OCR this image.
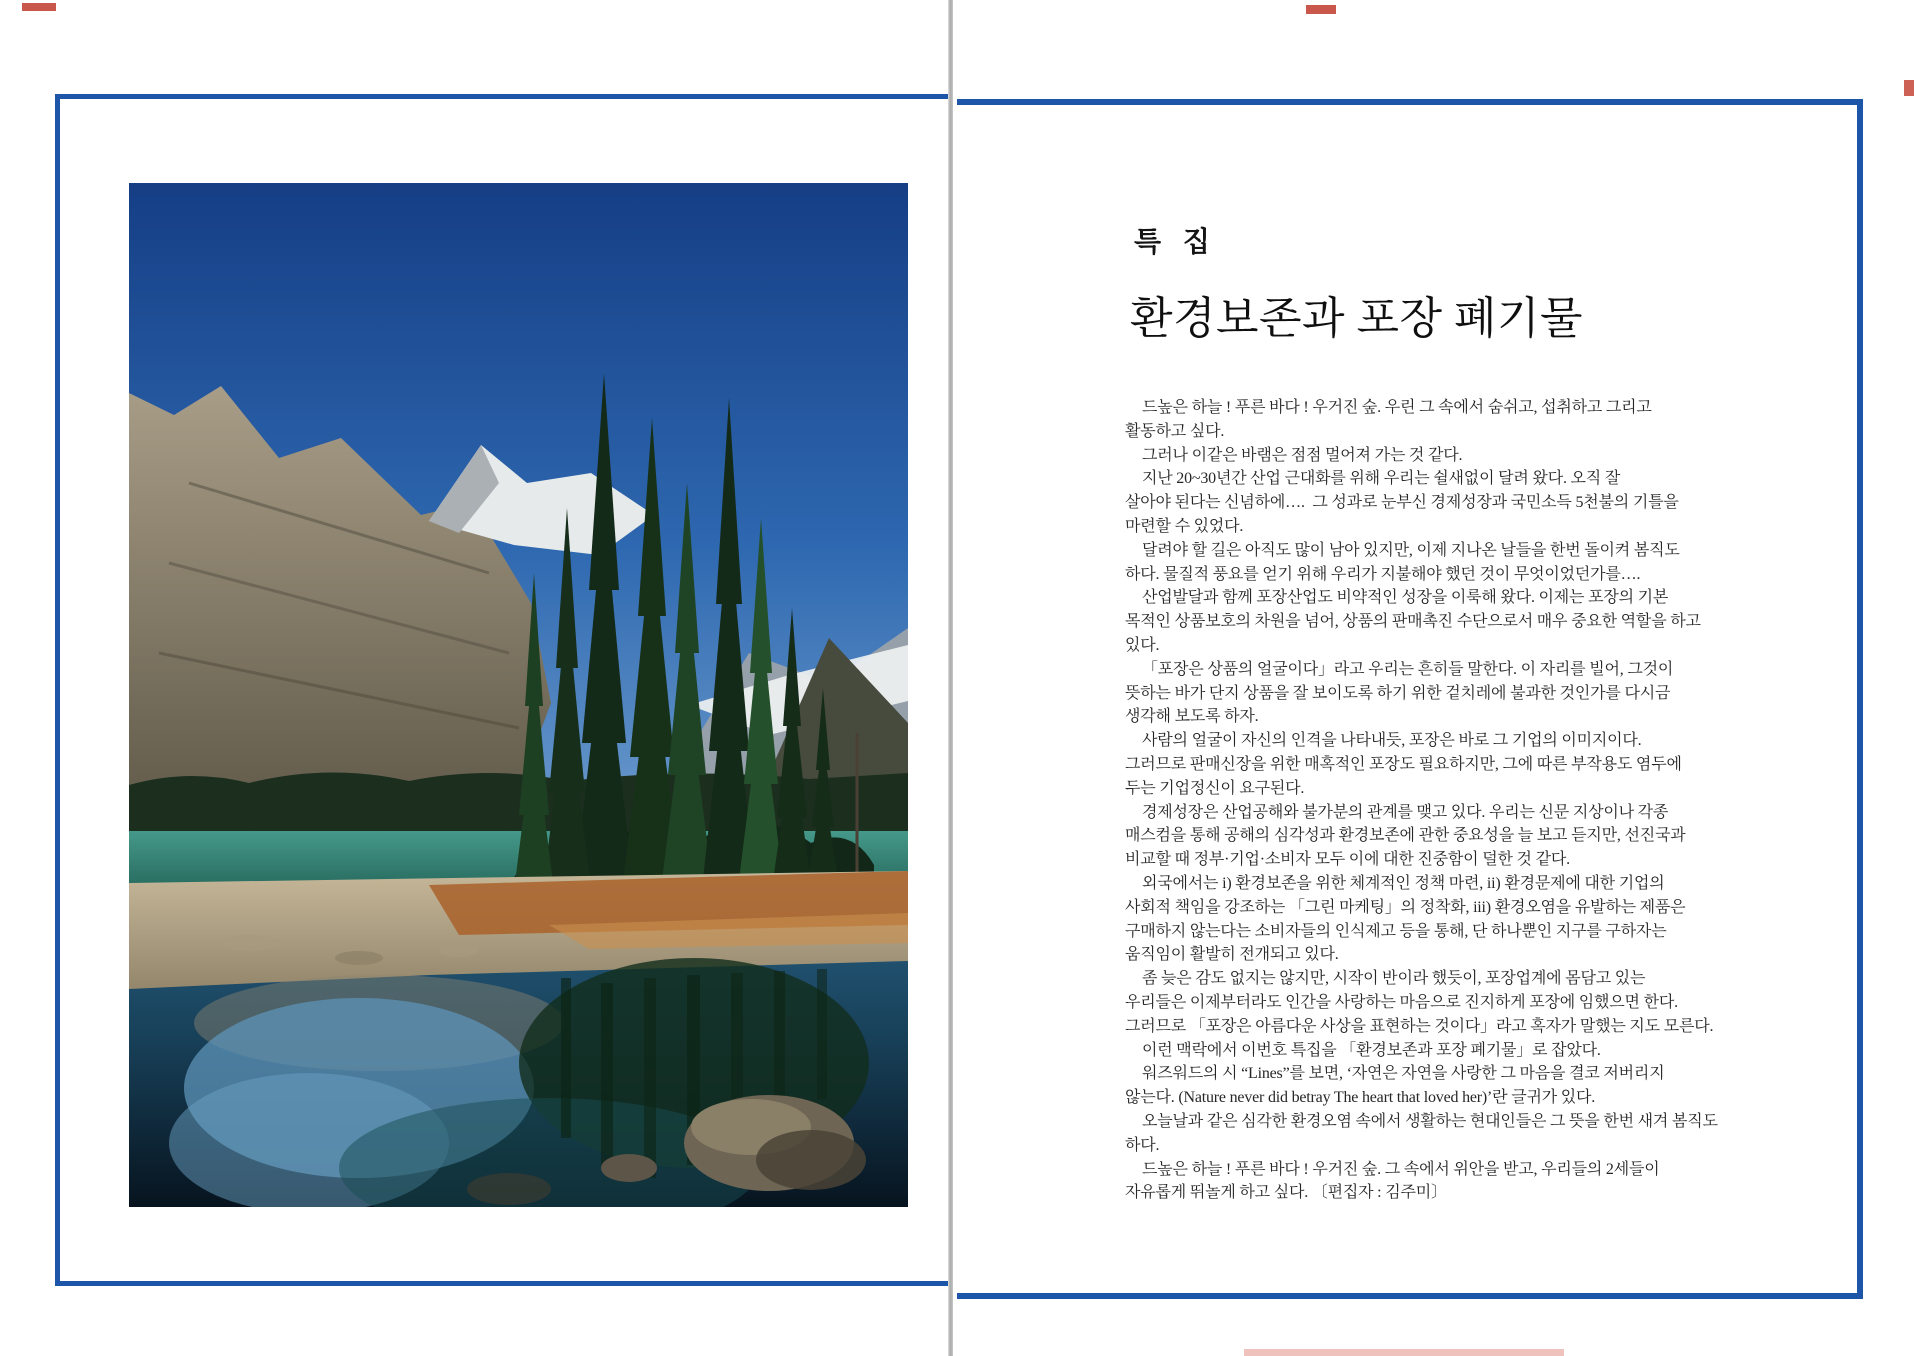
특 집
환경보존과 포장 폐기물
드높은 하늘 ! 푸른 바다 ! 우거진 숲. 우린 그 속에서 숨쉬고, 섭취하고 그리고
활동하고 싶다.
그러나 이같은 바램은 점점 멀어져 가는 것 같다.
지난 20~30년간 산업 근대화를 위해 우리는 쉴새없이 달려 왔다. 오직 잘
살아야 된다는 신념하에….  그 성과로 눈부신 경제성장과 국민소득 5천불의 기틀을
마련할 수 있었다.
달려야 할 길은 아직도 많이 남아 있지만, 이제 지나온 날들을 한번 돌이켜 봄직도
하다. 물질적 풍요를 얻기 위해 우리가 지불해야 했던 것이 무엇이었던가를….
산업발달과 함께 포장산업도 비약적인 성장을 이룩해 왔다. 이제는 포장의 기본
목적인 상품보호의 차원을 넘어, 상품의 판매촉진 수단으로서 매우 중요한 역할을 하고
있다.
「포장은 상품의 얼굴이다」라고 우리는 흔히들 말한다. 이 자리를 빌어, 그것이
뜻하는 바가 단지 상품을 잘 보이도록 하기 위한 겉치레에 불과한 것인가를 다시금
생각해 보도록 하자.
사람의 얼굴이 자신의 인격을 나타내듯, 포장은 바로 그 기업의 이미지이다.
그러므로 판매신장을 위한 매혹적인 포장도 필요하지만, 그에 따른 부작용도 염두에
두는 기업정신이 요구된다.
경제성장은 산업공해와 불가분의 관계를 맺고 있다. 우리는 신문 지상이나 각종
매스컴을 통해 공해의 심각성과 환경보존에 관한 중요성을 늘 보고 듣지만, 선진국과
비교할 때 정부·기업·소비자 모두 이에 대한 진중함이 덜한 것 같다.
외국에서는 i) 환경보존을 위한 체계적인 정책 마련, ii) 환경문제에 대한 기업의
사회적 책임을 강조하는 「그린 마케팅」의 정착화, iii) 환경오염을 유발하는 제품은
구매하지 않는다는 소비자들의 인식제고 등을 통해, 단 하나뿐인 지구를 구하자는
움직임이 활발히 전개되고 있다.
좀 늦은 감도 없지는 않지만, 시작이 반이라 했듯이, 포장업계에 몸담고 있는
우리들은 이제부터라도 인간을 사랑하는 마음으로 진지하게 포장에 임했으면 한다.
그러므로 「포장은 아름다운 사상을 표현하는 것이다」라고 혹자가 말했는 지도 모른다.
이런 맥락에서 이번호 특집을 「환경보존과 포장 폐기물」로 잡았다.
워즈워드의 시 “Lines”를 보면, ‘자연은 자연을 사랑한 그 마음을 결코 저버리지
않는다. (Nature never did betray The heart that loved her)’란 글귀가 있다.
오늘날과 같은 심각한 환경오염 속에서 생활하는 현대인들은 그 뜻을 한번 새겨 봄직도
하다.
드높은 하늘 ! 푸른 바다 ! 우거진 숲. 그 속에서 위안을 받고, 우리들의 2세들이
자유롭게 뛰놀게 하고 싶다. 〔편집자 : 김주미〕
